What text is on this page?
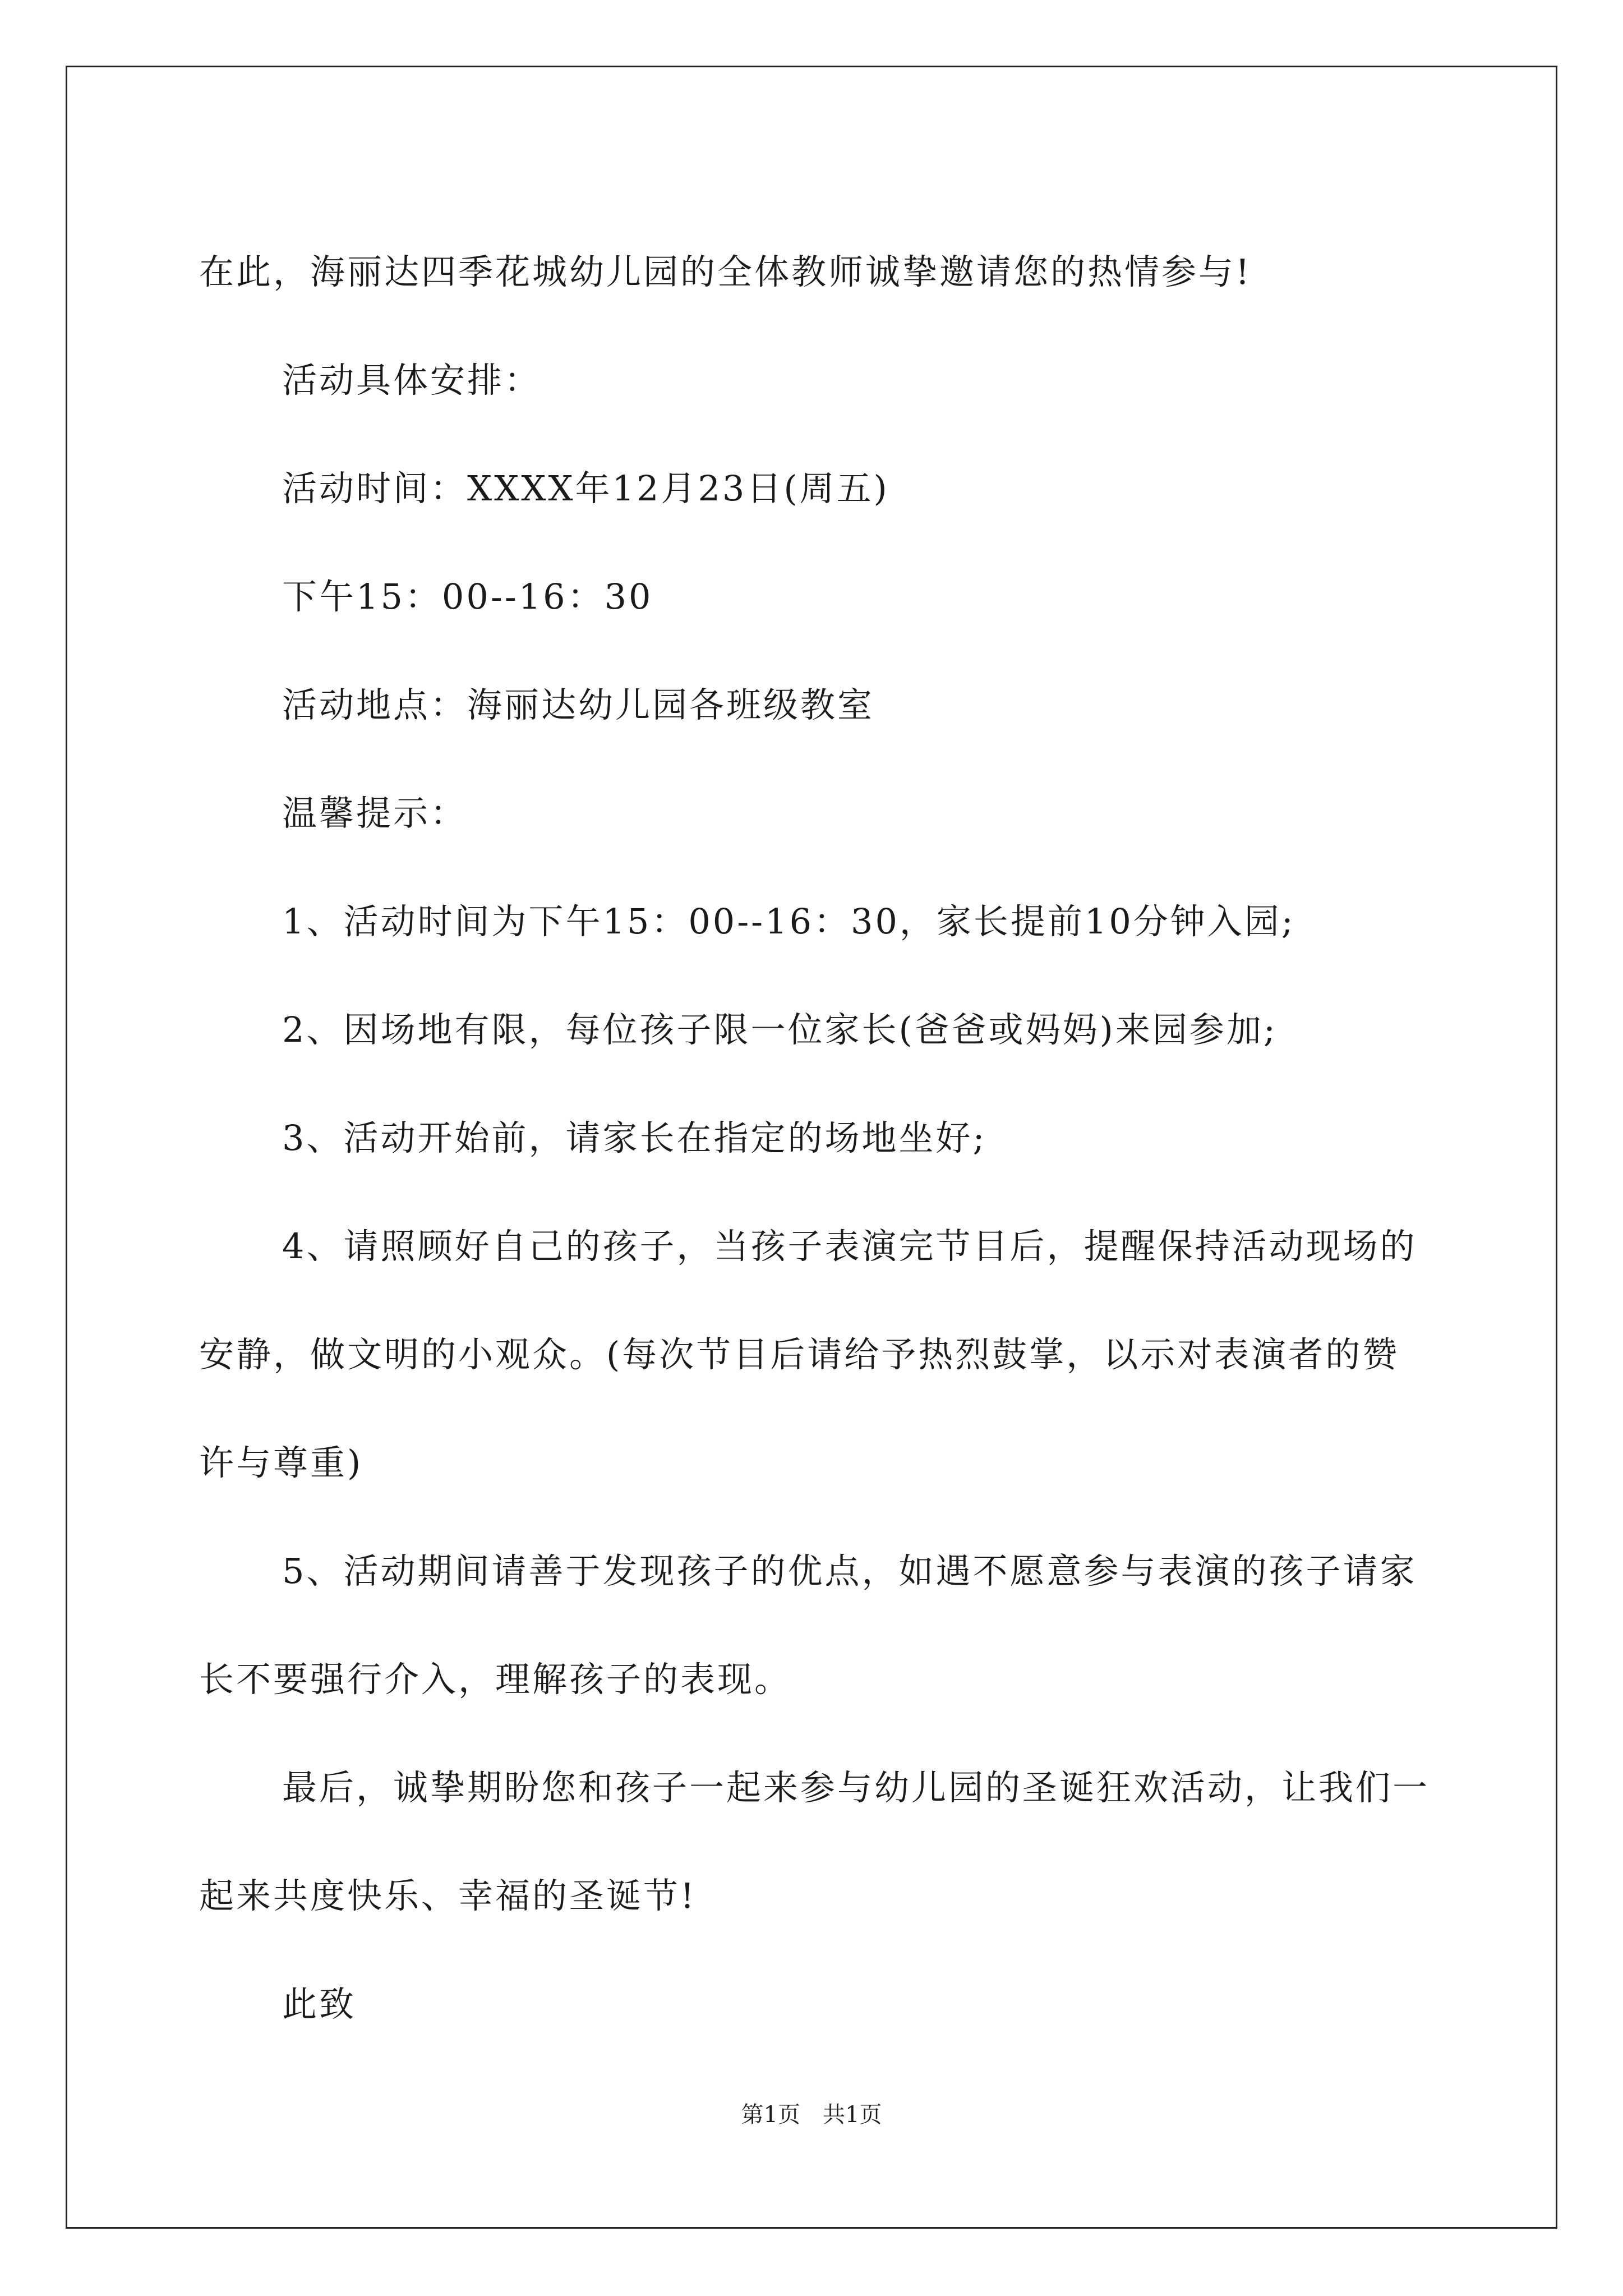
在此，海丽达四季花城幼儿园的全体教师诚挚邀请您的热情参与!

活动具体安排：

活动时间：XXXX年12月23日(周五)

下午15：00--16：30

活动地点：海丽达幼儿园各班级教室

温馨提示：

1、活动时间为下午15：00--16：30，家长提前10分钟入园;

2、因场地有限，每位孩子限一位家长(爸爸或妈妈)来园参加;

3、活动开始前，请家长在指定的场地坐好;

4、请照顾好自己的孩子，当孩子表演完节目后，提醒保持活动现场的安静，做文明的小观众。(每次节目后请给予热烈鼓掌，以示对表演者的赞许与尊重)

5、活动期间请善于发现孩子的优点，如遇不愿意参与表演的孩子请家长不要强行介入，理解孩子的表现。

最后，诚挚期盼您和孩子一起来参与幼儿园的圣诞狂欢活动，让我们一起来共度快乐、幸福的圣诞节!

此致

第1页　共1页
